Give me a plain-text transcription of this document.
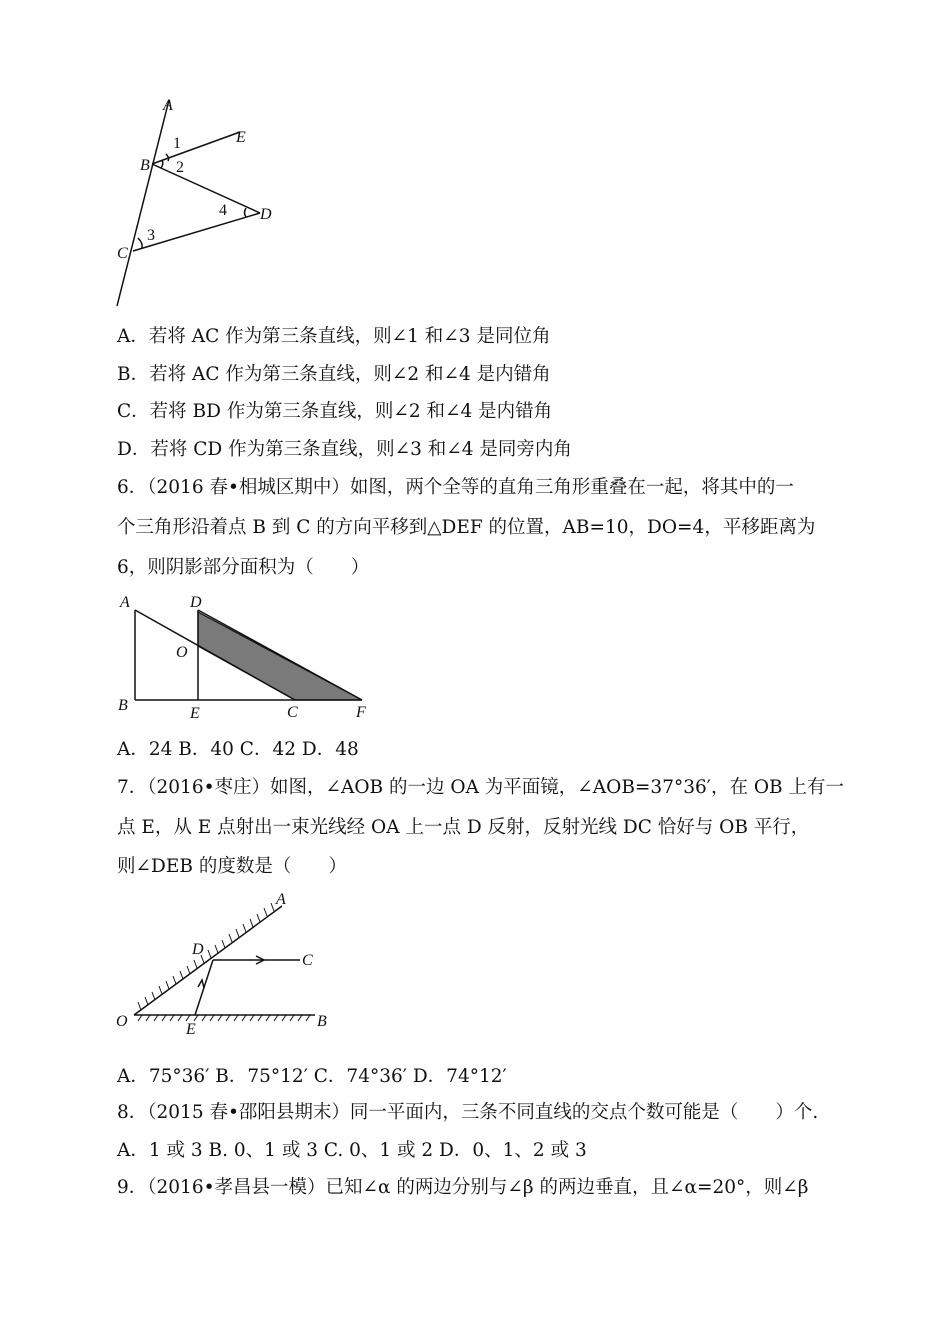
A
B
C
D
E
1
2
3
4
A．若将 AC 作为第三条直线，则∠1 和∠3 是同位角
B．若将 AC 作为第三条直线，则∠2 和∠4 是内错角
C．若将 BD 作为第三条直线，则∠2 和∠4 是内错角
D．若将 CD 作为第三条直线，则∠3 和∠4 是同旁内角
6．（2016 春•相城区期中）如图，两个全等的直角三角形重叠在一起，将其中的一
个三角形沿着点 B 到 C 的方向平移到△DEF 的位置，AB=10，DO=4，平移距离为
6，则阴影部分面积为（　　）
A	D
O
B	E	C	F
A．24 B．40 C．42 D．48
7．（2016•枣庄）如图，∠AOB 的一边 OA 为平面镜，∠AOB=37°36′，在 OB 上有一
点 E，从 E 点射出一束光线经 OA 上一点 D 反射，反射光线 DC 恰好与 OB 平行，
则∠DEB 的度数是（　　）
A
D
C
O	E	B
A．75°36′ B．75°12′ C．74°36′ D．74°12′
8．（2015 春•邵阳县期末）同一平面内，三条不同直线的交点个数可能是（　　）个.
A．1 或 3 B. 0、1 或 3 C. 0、1 或 2 D．0、1、2 或 3
9．（2016•孝昌县一模）已知∠α 的两边分别与∠β 的两边垂直，且∠α=20°，则∠β
